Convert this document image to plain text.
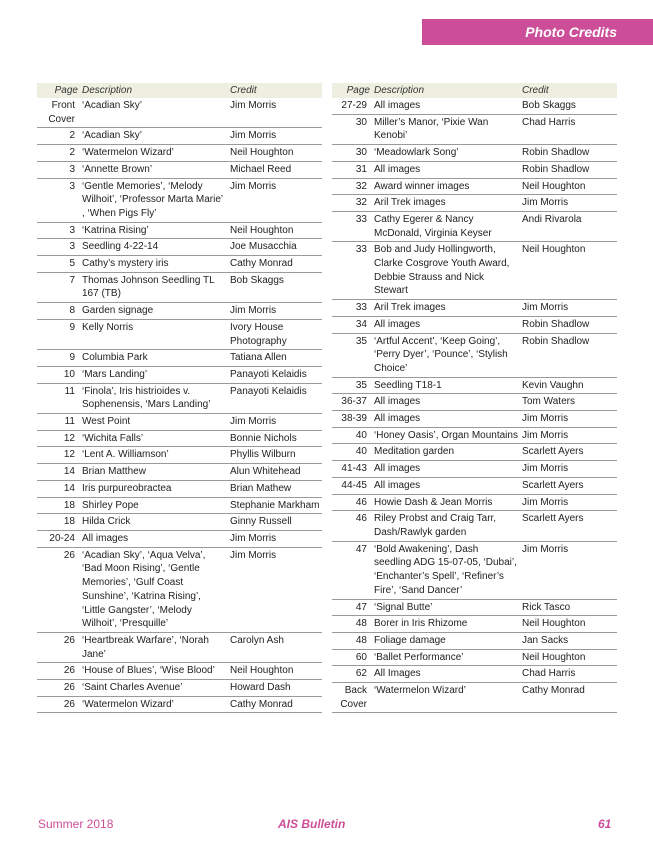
Photo Credits
Page	Description	Credit
Front Cover	‘Acadian Sky’	Jim Morris
2	‘Acadian Sky’	Jim Morris
2	‘Watermelon Wizard’	Neil Houghton
3	‘Annette Brown’	Michael Reed
3	‘Gentle Memories’, ‘Melody Wilhoit’, ‘Professor Marta Marie’ , ‘When Pigs Fly’	Jim Morris
3	‘Katrina Rising’	Neil Houghton
3	Seedling 4-22-14	Joe Musacchia
5	Cathy’s mystery iris	Cathy Monrad
7	Thomas Johnson Seedling TL 167 (TB)	Bob Skaggs
8	Garden signage	Jim Morris
9	Kelly Norris	Ivory House Photography
9	Columbia Park	Tatiana Allen
10	‘Mars Landing’	Panayoti Kelaidis
11	‘Finola’, Iris histrioides v. Sophenensis, ‘Mars Landing’	Panayoti Kelaidis
11	West Point	Jim Morris
12	‘Wichita Falls’	Bonnie Nichols
12	‘Lent A. Williamson’	Phyllis Wilburn
14	Brian Matthew	Alun Whitehead
14	Iris purpureobractea	Brian Mathew
18	Shirley Pope	Stephanie Markham
18	Hilda Crick	Ginny Russell
20-24	All images	Jim Morris
26	‘Acadian Sky’, ‘Aqua Velva’, ‘Bad Moon Rising’, ‘Gentle Memories’, ‘Gulf Coast Sunshine’, ‘Katrina Rising’, ‘Little Gangster’, ‘Melody Wilhoit’, ‘Presquille’	Jim Morris
26	‘Heartbreak Warfare’, ‘Norah Jane’	Carolyn Ash
26	‘House of Blues’, ‘Wise Blood’	Neil Houghton
26	‘Saint Charles Avenue’	Howard Dash
26	‘Watermelon Wizard’	Cathy Monrad
Page	Description	Credit
27-29	All images	Bob Skaggs
30	Miller’s Manor, ‘Pixie Wan Kenobi’	Chad Harris
30	‘Meadowlark Song’	Robin Shadlow
31	All images	Robin Shadlow
32	Award winner images	Neil Houghton
32	Aril Trek images	Jim Morris
33	Cathy Egerer & Nancy McDonald, Virginia Keyser	Andi Rivarola
33	Bob and Judy Hollingworth, Clarke Cosgrove Youth Award, Debbie Strauss and Nick Stewart	Neil Houghton
33	Aril Trek images	Jim Morris
34	All images	Robin Shadlow
35	‘Artful Accent’, ‘Keep Going’, ‘Perry Dyer’, ‘Pounce’, ‘Stylish Choice’	Robin Shadlow
35	Seedling T18-1	Kevin Vaughn
36-37	All images	Tom Waters
38-39	All images	Jim Morris
40	‘Honey Oasis’, Organ Mountains	Jim Morris
40	Meditation garden	Scarlett Ayers
41-43	All images	Jim Morris
44-45	All images	Scarlett Ayers
46	Howie Dash & Jean Morris	Jim Morris
46	Riley Probst and Craig Tarr, Dash/Rawlyk garden	Scarlett Ayers
47	‘Bold Awakening’, Dash seedling ADG 15-07-05, ‘Dubai’, ‘Enchanter’s Spell’, ‘Refiner’s Fire’, ‘Sand Dancer’	Jim Morris
47	‘Signal Butte’	Rick Tasco
48	Borer in Iris Rhizome	Neil Houghton
48	Foliage damage	Jan Sacks
60	‘Ballet Performance’	Neil Houghton
62	All Images	Chad Harris
Back Cover	‘Watermelon Wizard’	Cathy Monrad
Summer 2018	AIS Bulletin	61
